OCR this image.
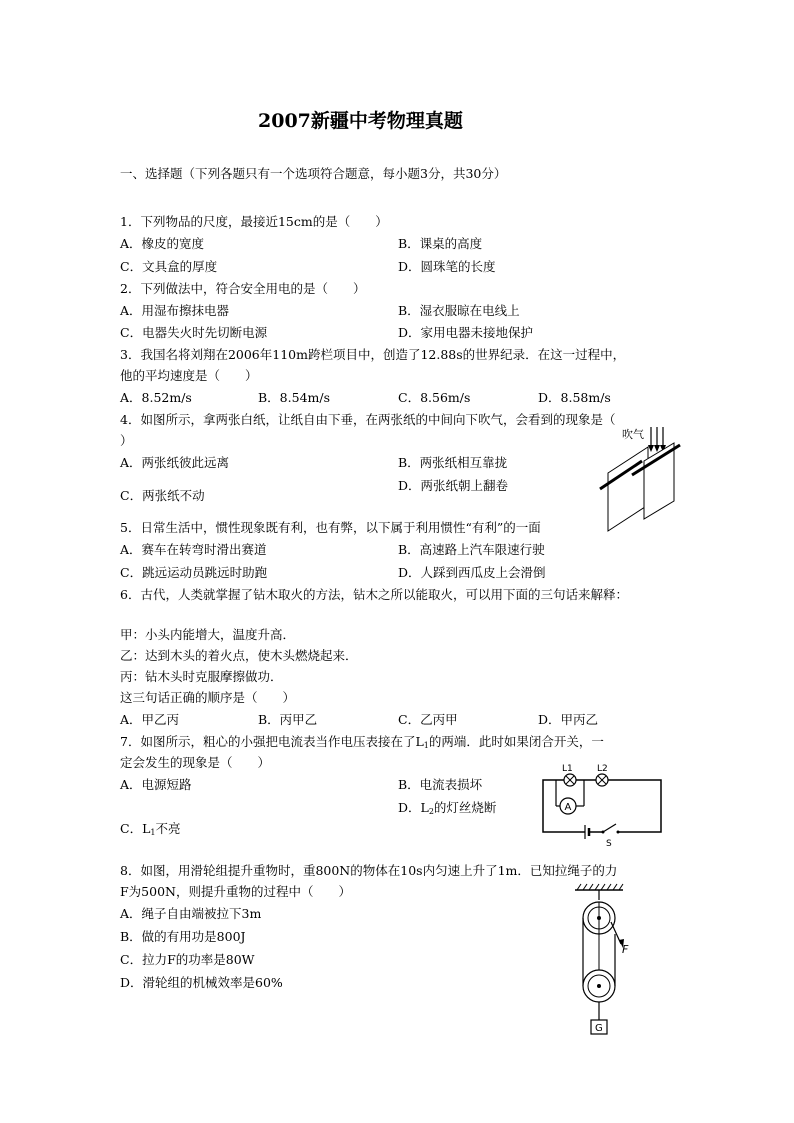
2007新疆中考物理真题
一、选择题（下列各题只有一个选项符合题意，每小题3分，共30分）
1．下列物品的尺度，最接近15cm的是（　　）
A．橡皮的宽度	B．课桌的高度
C．文具盒的厚度	D．圆珠笔的长度
2．下列做法中，符合安全用电的是（　　）
A．用湿布擦抹电器	B．湿衣服晾在电线上
C．电器失火时先切断电源	D．家用电器未接地保护
3．我国名将刘翔在2006年110m跨栏项目中，创造了12.88s的世界纪录．在这一过程中，
他的平均速度是（　　）
A．8.52m/s	B．8.54m/s	C．8.56m/s	D．8.58m/s
4．如图所示，拿两张白纸，让纸自由下垂，在两张纸的中间向下吹气，会看到的现象是（
）
A．两张纸彼此远离	B．两张纸相互靠拢
C．两张纸不动
D．两张纸朝上翻卷
吹气
5．日常生活中，惯性现象既有利，也有弊，以下属于利用惯性“有利”的一面
A．赛车在转弯时滑出赛道	B．高速路上汽车限速行驶
C．跳远运动员跳远时助跑	D．人踩到西瓜皮上会滑倒
6．古代，人类就掌握了钻木取火的方法，钻木之所以能取火，可以用下面的三句话来解释：
甲：小头内能增大，温度升高．
乙：达到木头的着火点，使木头燃烧起来．
丙：钻木头时克服摩擦做功．
这三句话正确的顺序是（　　）
A．甲乙丙	B．丙甲乙	C．乙丙甲	D．甲丙乙
7．如图所示，粗心的小强把电流表当作电压表接在了$L_1$的两端．此时如果闭合开关，一
定会发生的现象是（　　）
A．电源短路	B．电流表损坏
D．$L_2$的灯丝烧断
C．$L_1$不亮
A
L1	L2
S
8．如图，用滑轮组提升重物时，重800N的物体在10s内匀速上升了1m．已知拉绳子的力
F为500N，则提升重物的过程中（　　）
A．绳子自由端被拉下3m
B．做的有用功是800J
C．拉力F的功率是80W
D．滑轮组的机械效率是60%
F
G
